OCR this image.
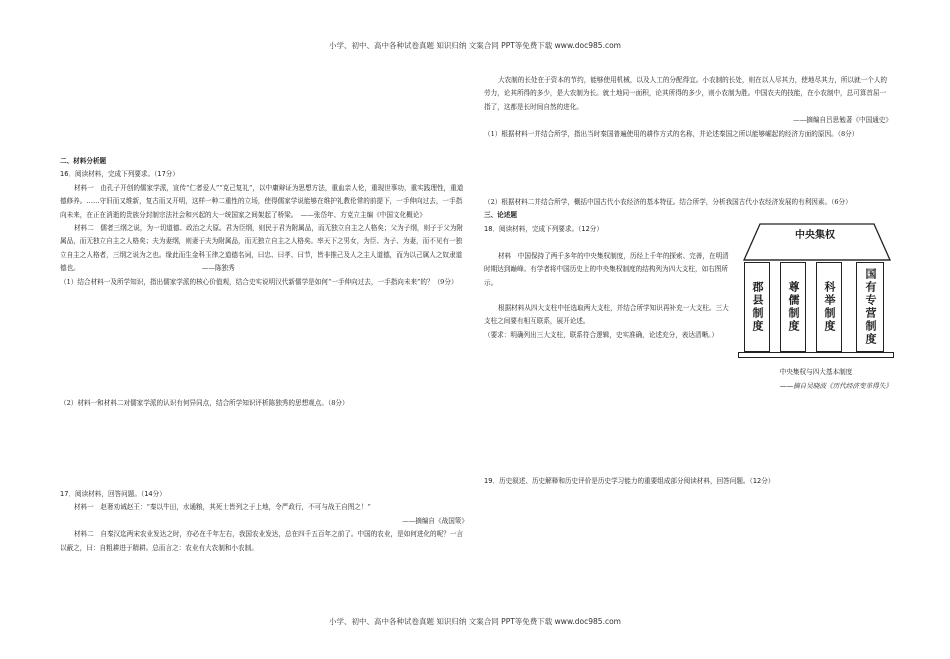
小学、初中、高中各种试卷真题 知识归纳 文案合同 PPT等免费下载 www.doc985.com

二、材料分析题

16．阅读材料，完成下列要求。（17分）

材料一　由孔子开创的儒家学派，宣传“仁者爱人”“克己复礼”，以中庸辩证为思想方法，重血亲人伦，重现世事功，重实践理性，重道德修养。……守旧而又维新，复古而又开明，这样一种二重性的立场，使得儒家学说能够在维护礼教伦常的前提下，一手伸向过去，一手指向未来，在正在消逝的贵族分封制宗法社会和兴起的大一统国家之间架起了桥梁。　——张岱年、方克立主编《中国文化概论》

材料二　儒者三纲之说，为一切道德、政治之大原。君为臣纲，则民于君为附属品，而无独立自主之人格矣；父为子纲，则子于父为附属品，而无独立自主之人格矣；夫为妻纲，则妻于夫为附属品，而无独立自主之人格矣。率天下之男女，为臣、为子、为妻，而不见有一独立自主之人格者，三纲之说为之也。缘此而生金科玉律之道德名词，曰忠、曰孝、曰节，皆非推己及人之主人道德，而为以己属人之奴隶道德也。　　　　　　　　　　　　　　　　　　　——陈独秀

（1）结合材料一及所学知识，指出儒家学派的核心价值观，结合史实说明汉代新儒学是如何“一手伸向过去，一手指向未来”的？（9分）

（2）材料一和材料二对儒家学派的认识有何异同点，结合所学知识评析陈独秀的思想观点。（8分）

17．阅读材料，回答问题。（14分）

材料一　赵奢劝诫赵王：“秦以牛田，水通粮，其死士皆列之于上地，令严政行，不可与战王自图之！”

——摘编自《战国策》

材料二　自秦汉迄两宋农业发达之时，亦必在千年左右，我国农业发达，总在四千五百年之前了。中国的农业，是如何进化的呢？一言以蔽之，曰：自粗耕进于精耕。总而言之：农业有大农制和小农制。

大农制的长处在于资本的节约，能够使用机械，以及人工的分配得宜。小农制的长处，则在以人尽其力，使地尽其力，所以就一个人的劳力，论其所得的多少，是大农制为长。就土地同一面积，论其所得的多少，则小农制为胜。中国农夫的技能，在小农制中，总可算首屈一指了，这都是长时间自然的进化。

——摘编自吕思勉著《中国通史》

（1）根据材料一并结合所学，指出当时秦国普遍使用的耕作方式的名称，并论述秦国之所以能够崛起的经济方面的原因。（8分）

（2）根据材料二并结合所学，概括中国古代小农经济的基本特征。结合所学，分析我国古代小农经济发展的有利因素。（6分）

三、论述题

18．阅读材料，完成下列要求。（12分）

材料　中国保持了两千多年的中央集权制度，历经上千年的探索、完善，在明清时期达到巅峰。有学者将中国历史上的中央集权制度的结构列为四大支柱，如右图所示。

根据材料从四大支柱中任选取两大支柱，并结合所学知识再补充一大支柱。三大支柱之间要有相互联系，展开论述。

（要求：明确列出三大支柱，联系符合逻辑，史实准确，论述充分，表达清晰。）

19．历史叙述、历史解释和历史评价是历史学习能力的重要组成部分阅读材料，回答问题。（12分）

中央集权
郡县制度 尊儒制度 科举制度	国有专营制度
中央集权与四大基本制度
——摘自吴晓波《历代经济变革得失》
小学、初中、高中各种试卷真题 知识归纳 文案合同 PPT等免费下载 www.doc985.com
